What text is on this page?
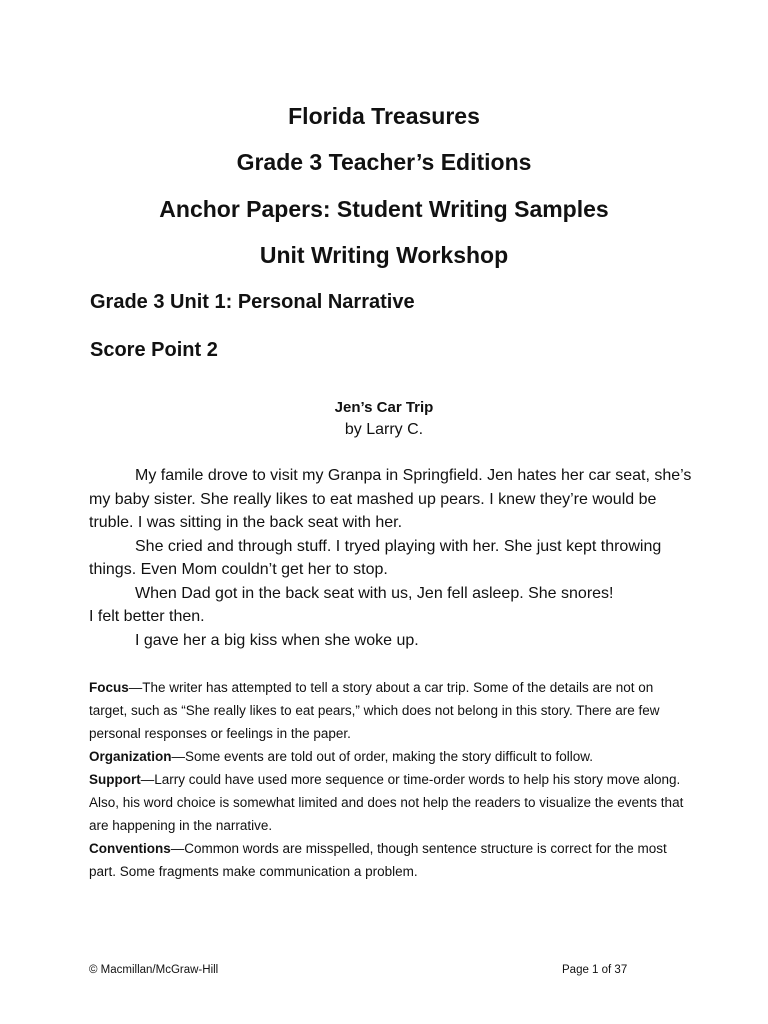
Florida Treasures
Grade 3 Teacher’s Editions
Anchor Papers: Student Writing Samples
Unit Writing Workshop
Grade 3 Unit 1: Personal Narrative
Score Point 2
Jen’s Car Trip
by Larry C.

My famile drove to visit my Granpa in Springfield. Jen hates her car seat, she’s my baby sister. She really likes to eat mashed up pears. I knew they’re would be truble. I was sitting in the back seat with her.

She cried and through stuff. I tryed playing with her. She just kept throwing things. Even Mom couldn’t get her to stop.

When Dad got in the back seat with us, Jen fell asleep. She snores!

I felt better then.

I gave her a big kiss when she woke up.

Focus—The writer has attempted to tell a story about a car trip. Some of the details are not on target, such as “She really likes to eat pears,” which does not belong in this story. There are few personal responses or feelings in the paper.

Organization—Some events are told out of order, making the story difficult to follow.

Support—Larry could have used more sequence or time-order words to help his story move along. Also, his word choice is somewhat limited and does not help the readers to visualize the events that are happening in the narrative.

Conventions—Common words are misspelled, though sentence structure is correct for the most part. Some fragments make communication a problem.

© Macmillan/McGraw-Hill	Page 1 of 37
